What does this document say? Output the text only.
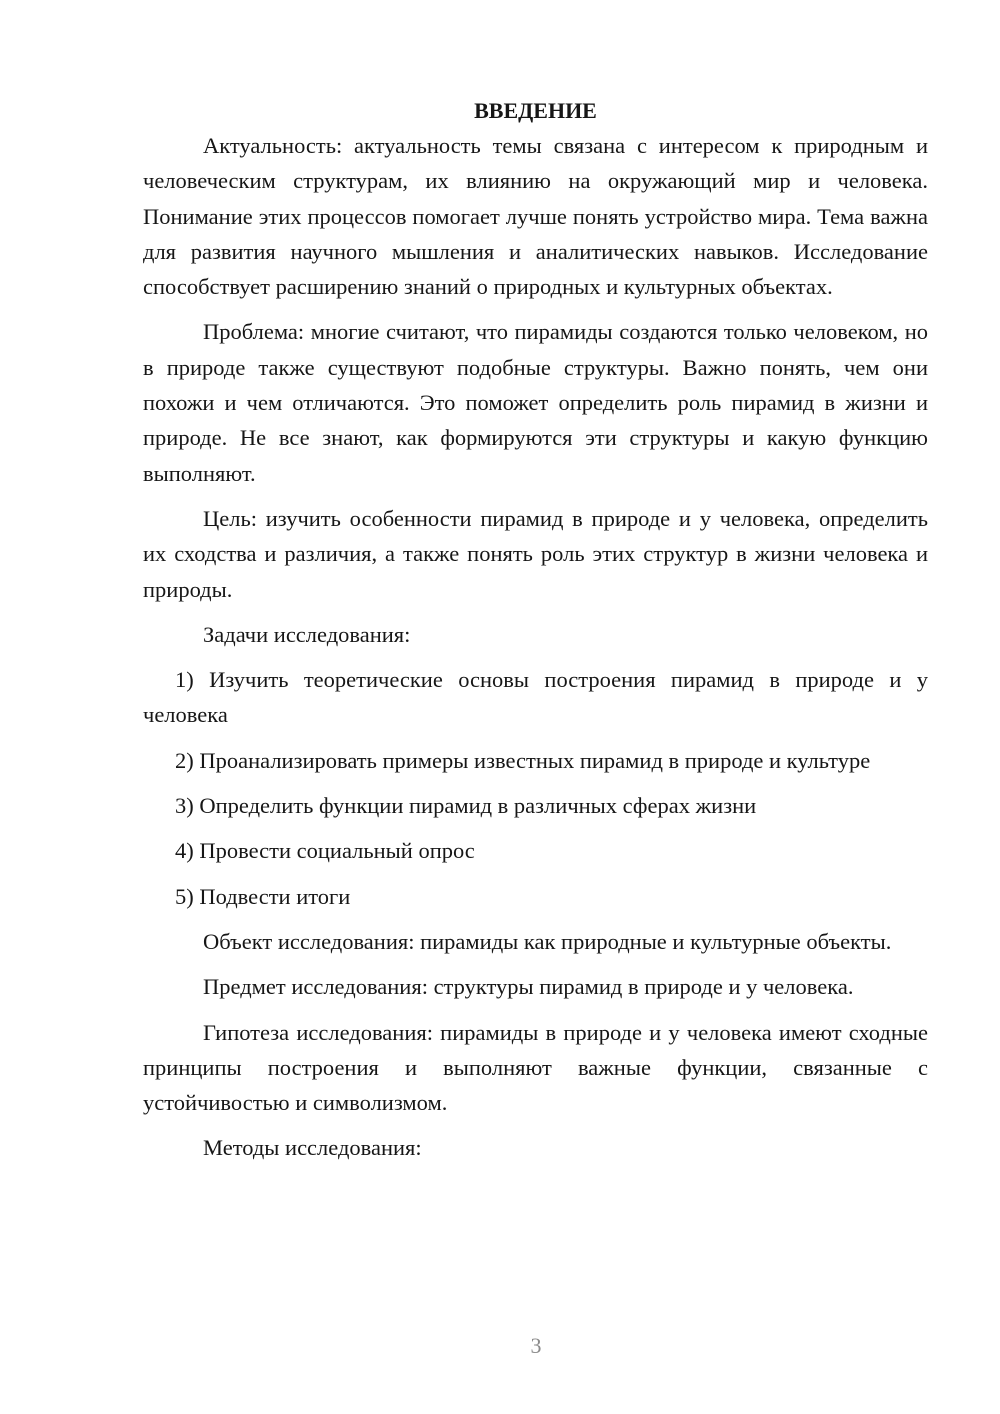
ВВЕДЕНИЕ

Актуальность: актуальность темы связана с интересом к природным и человеческим структурам, их влиянию на окружающий мир и человека. Понимание этих процессов помогает лучше понять устройство мира. Тема важна для развития научного мышления и аналитических навыков. Исследование способствует расширению знаний о природных и культурных объектах.

Проблема: многие считают, что пирамиды создаются только человеком, но в природе также существуют подобные структуры. Важно понять, чем они похожи и чем отличаются. Это поможет определить роль пирамид в жизни и природе. Не все знают, как формируются эти структуры и какую функцию выполняют.

Цель: изучить особенности пирамид в природе и у человека, определить их сходства и различия, а также понять роль этих структур в жизни человека и природы.

Задачи исследования:

1) Изучить теоретические основы построения пирамид в природе и у человека

2) Проанализировать примеры известных пирамид в природе и культуре

3) Определить функции пирамид в различных сферах жизни

4) Провести социальный опрос

5) Подвести итоги

Объект исследования: пирамиды как природные и культурные объекты.

Предмет исследования: структуры пирамид в природе и у человека.

Гипотеза исследования: пирамиды в природе и у человека имеют сходные принципы построения и выполняют важные функции, связанные с устойчивостью и символизмом.

Методы исследования:

3
